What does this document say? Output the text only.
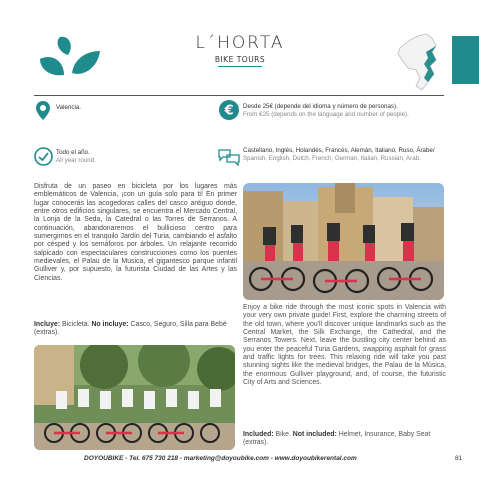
L´HORTA
BIKE TOURS
Valencia.	€ Desde 25€ (depende del idioma y número de personas).
From €25 (depends on the language and number of people).
Todo el año.
All year round.
Castellano, Inglés, Holandés, Francés, Alemán, Italiano, Ruso, Árabe/ Spanish, English, Dutch, French, German, Italian, Russian, Arab.
Disfruta de un paseo en bicicleta por los lugares más emblemáticos de Valencia, ¡con un guía solo para ti! En primer lugar conocerás las acogedoras calles del casco antiguo donde, entre otros edificios singulares, se encuentra el Mercado Central, la Lonja de la Seda, la Catedral o las Torres de Serranos. A continuación, abandonaremos el bullicioso centro para sumergirnos en el tranquilo Jardín del Turia, cambiando el asfalto por césped y los semáforos por árboles. Un relajante recorrido salpicado con espectaculares construcciones como los puentes medievales, el Palau de la Musica, el gigantesco parque infantil Gulliver y, por supuesto, la futurista Ciudad de las Artes y las Ciencias.
Incluye: Bicicleta. No incluye: Casco, Seguro, Silla para Bebé (extras).
Enjoy a bike ride through the most iconic spots in Valencia with your very own private guide! First, explore the charming streets of the old town, where you'll discover unique landmarks such as the Central Market, the Silk Exchange, the Cathedral, and the Serranos Towers. Next, leave the bustling city center behind as you enter the peaceful Turia Gardens, swapping asphalt for grass and traffic lights for trees. This relaxing ride will take you past stunning sights like the medieval bridges, the Palau de la Música, the enormous Gulliver playground, and, of course, the futuristic City of Arts and Sciences.
Included: Bike. Not included: Helmet, Insurance, Baby Seat (extras).
DOYOUBIKE - Tel. 675 730 218 - marketing@doyoubike.com - www.doyoubikerental.com	81
